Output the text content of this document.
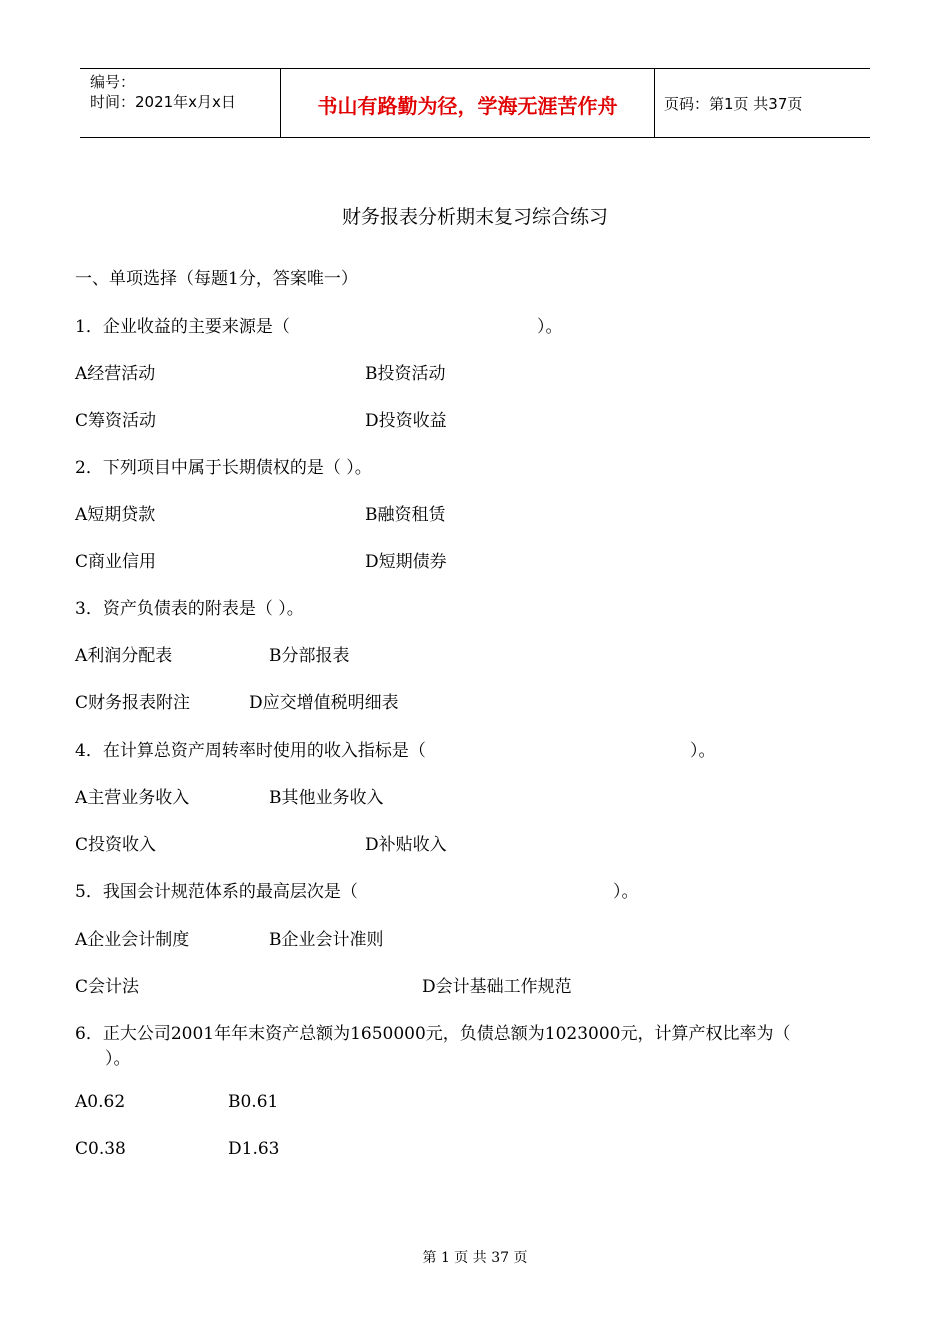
编号：
时间：2021年x月x日	书山有路勤为径，学海无涯苦作舟	页码：第1页 共37页
财务报表分析期末复习综合练习
一、单项选择（每题1分，答案唯一）
1．企业收益的主要来源是（	）。
A经营活动	B投资活动
C筹资活动	D投资收益
2．下列项目中属于长期债权的是（ ）。
A短期贷款	B融资租赁
C商业信用	D短期债券
3．资产负债表的附表是（ ）。
A利润分配表	B分部报表
C财务报表附注	D应交增值税明细表
4．在计算总资产周转率时使用的收入指标是（	）。
A主营业务收入	B其他业务收入
C投资收入	D补贴收入
5．我国会计规范体系的最高层次是（	）。
A企业会计制度	B企业会计准则
C会计法	D会计基础工作规范
6．正大公司2001年年末资产总额为1650000元，负债总额为1023000元，计算产权比率为（
）。
A0.62	B0.61
C0.38	D1.63
第 1 页 共 37 页
